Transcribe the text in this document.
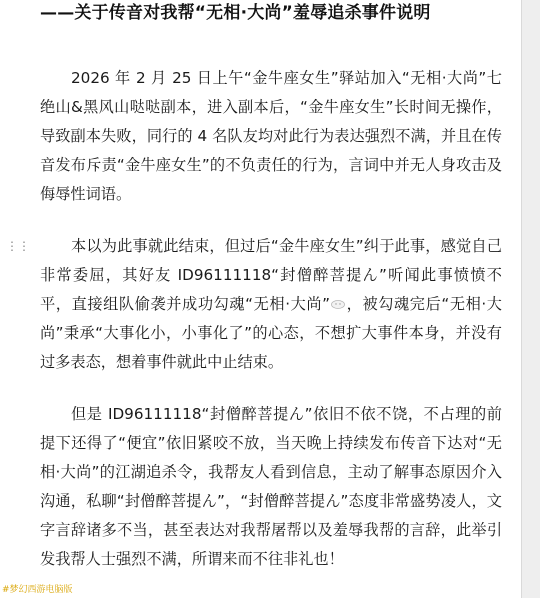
——关于传音对我帮“无相·大尚”羞辱追杀事件说明

2026 年 2 月 25 日上午“金牛座女生”驿站加入“无相·大尚”七绝山&黑风山哒哒副本，进入副本后，“金牛座女生”长时间无操作，导致副本失败，同行的 4 名队友均对此行为表达强烈不满，并且在传音发布斥责“金牛座女生”的不负责任的行为，言词中并无人身攻击及侮辱性词语。

⋮⋮	本以为此事就此结束，但过后“金牛座女生”纠于此事，感觉自己非常委屈，其好友 ID96111118“封僧醉菩提ん”听闻此事愤愤不平，直接组队偷袭并成功勾魂“无相·大尚” ，被勾魂完后“无相·大尚”秉承“大事化小，小事化了”的心态，不想扩大事件本身，并没有过多表态，想着事件就此中止结束。

但是 ID96111118“封僧醉菩提ん”依旧不依不饶，不占理的前提下还得了“便宜”依旧紧咬不放，当天晚上持续发布传音下达对“无相·大尚”的江湖追杀令，我帮友人看到信息，主动了解事态原因介入沟通，私聊“封僧醉菩提ん”，“封僧醉菩提ん”态度非常盛势凌人，文字言辞诸多不当，甚至表达对我帮屠帮以及羞辱我帮的言辞，此举引发我帮人士强烈不满，所谓来而不往非礼也！

#梦幻西游电脑版
